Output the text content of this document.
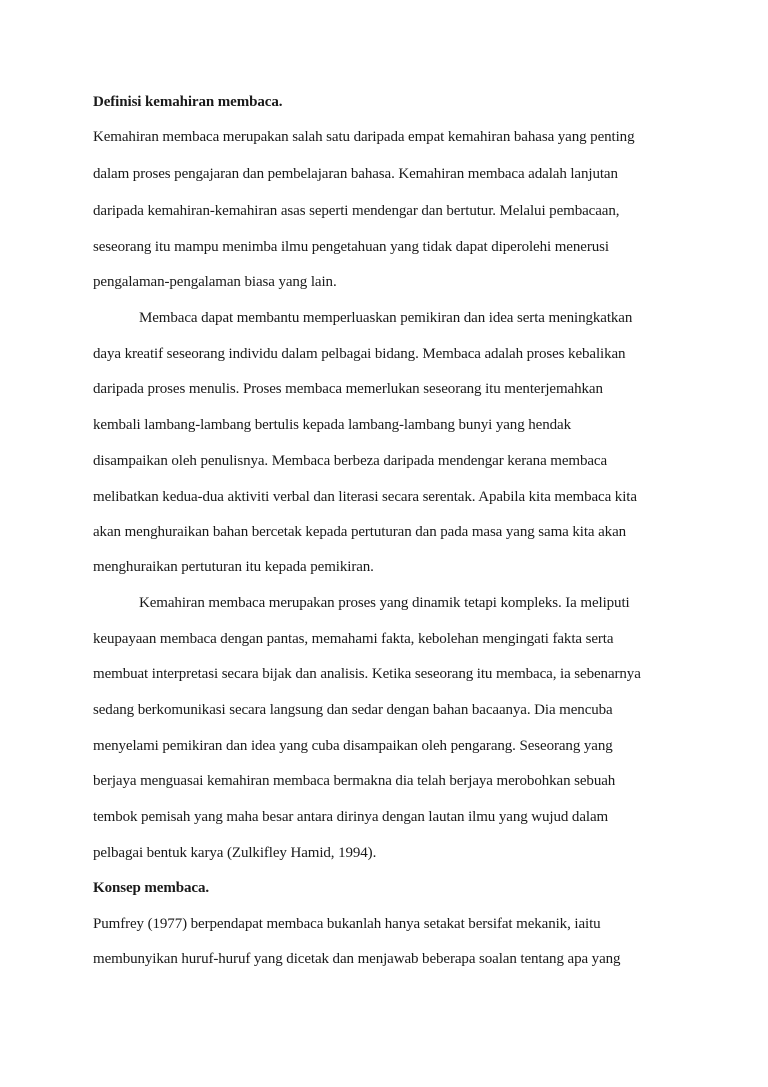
Definisi kemahiran membaca.
Kemahiran membaca merupakan salah satu daripada empat kemahiran bahasa yang penting
dalam proses pengajaran dan pembelajaran bahasa. Kemahiran membaca adalah lanjutan
daripada kemahiran-kemahiran asas seperti mendengar dan bertutur. Melalui pembacaan,
seseorang itu mampu menimba ilmu pengetahuan yang tidak dapat diperolehi menerusi
pengalaman-pengalaman biasa yang lain.
Membaca dapat membantu memperluaskan pemikiran dan idea serta meningkatkan
daya kreatif seseorang individu dalam pelbagai bidang. Membaca adalah proses kebalikan
daripada proses menulis. Proses membaca memerlukan seseorang itu menterjemahkan
kembali lambang-lambang bertulis kepada lambang-lambang bunyi yang hendak
disampaikan oleh penulisnya. Membaca berbeza daripada mendengar kerana membaca
melibatkan kedua-dua aktiviti verbal dan literasi secara serentak. Apabila kita membaca kita
akan menghuraikan bahan bercetak kepada pertuturan dan pada masa yang sama kita akan
menghuraikan pertuturan itu kepada pemikiran.
Kemahiran membaca merupakan proses yang dinamik tetapi kompleks. Ia meliputi
keupayaan membaca dengan pantas, memahami fakta, kebolehan mengingati fakta serta
membuat interpretasi secara bijak dan analisis. Ketika seseorang itu membaca, ia sebenarnya
sedang berkomunikasi secara langsung dan sedar dengan bahan bacaanya. Dia mencuba
menyelami pemikiran dan idea yang cuba disampaikan oleh pengarang. Seseorang yang
berjaya menguasai kemahiran membaca bermakna dia telah berjaya merobohkan sebuah
tembok pemisah yang maha besar antara dirinya dengan lautan ilmu yang wujud dalam
pelbagai bentuk karya (Zulkifley Hamid, 1994).
Konsep membaca.
Pumfrey (1977) berpendapat membaca bukanlah hanya setakat bersifat mekanik, iaitu
membunyikan huruf-huruf yang dicetak dan menjawab beberapa soalan tentang apa yang
